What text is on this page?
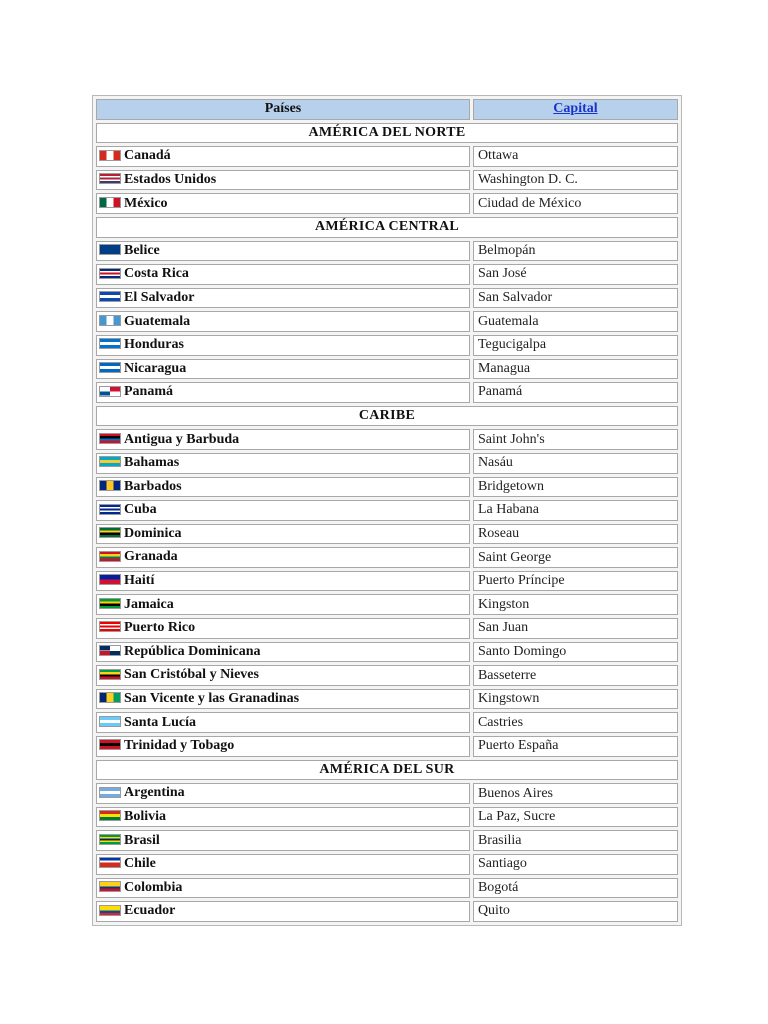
Países	Capital
AMÉRICA DEL NORTE	
Canadá	Ottawa
Estados Unidos	Washington D. C.
México	Ciudad de México
AMÉRICA CENTRAL	
Belice	Belmopán
Costa Rica	San José
El Salvador	San Salvador
Guatemala	Guatemala
Honduras	Tegucigalpa
Nicaragua	Managua
Panamá	Panamá
CARIBE	
Antigua y Barbuda	Saint John's
Bahamas	Nasáu
Barbados	Bridgetown
Cuba	La Habana
Dominica	Roseau
Granada	Saint George
Haití	Puerto Príncipe
Jamaica	Kingston
Puerto Rico	San Juan
República Dominicana	Santo Domingo
San Cristóbal y Nieves	Basseterre
San Vicente y las Granadinas	Kingstown
Santa Lucía	Castries
Trinidad y Tobago	Puerto España
AMÉRICA DEL SUR	
Argentina	Buenos Aires
Bolivia	La Paz, Sucre
Brasil	Brasilia
Chile	Santiago
Colombia	Bogotá
Ecuador	Quito
